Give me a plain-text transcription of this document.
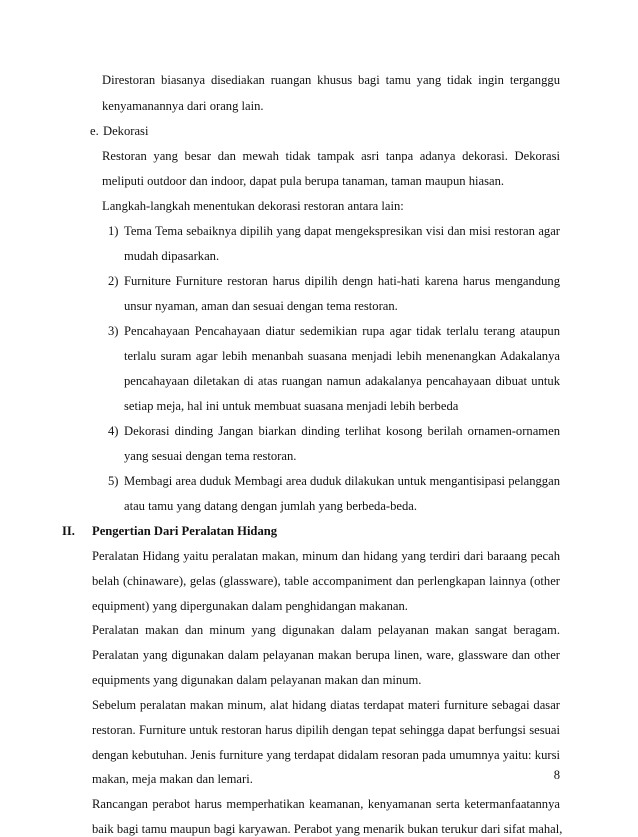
Direstoran biasanya disediakan ruangan khusus bagi tamu yang tidak ingin terganggu
kenyamanannya dari orang lain.
e. Dekorasi
Restoran yang besar dan mewah tidak tampak asri tanpa adanya dekorasi. Dekorasi
meliputi outdoor dan indoor, dapat pula berupa tanaman, taman maupun hiasan.
Langkah-langkah menentukan dekorasi restoran antara lain:
1) Tema Tema sebaiknya dipilih yang dapat mengekspresikan visi dan misi restoran agar
mudah dipasarkan.
2) Furniture Furniture restoran harus dipilih dengn hati-hati karena harus mengandung
unsur nyaman, aman dan sesuai dengan tema restoran.
3) Pencahayaan Pencahayaan diatur sedemikian rupa agar tidak terlalu terang ataupun
terlalu suram agar lebih menanbah suasana menjadi lebih menenangkan Adakalanya
pencahayaan diletakan di atas ruangan namun adakalanya pencahayaan dibuat untuk
setiap meja, hal ini untuk membuat suasana menjadi lebih berbeda
4) Dekorasi dinding Jangan biarkan dinding terlihat kosong berilah ornamen-ornamen
yang sesuai dengan tema restoran.
5) Membagi area duduk Membagi area duduk dilakukan untuk mengantisipasi pelanggan
atau tamu yang datang dengan jumlah yang berbeda-beda.
II. Pengertian Dari Peralatan Hidang
8
Peralatan Hidang yaitu peralatan makan, minum dan hidang yang terdiri dari baraang pecah
belah (chinaware), gelas (glassware), table accompaniment dan perlengkapan lainnya (other
equipment) yang dipergunakan dalam penghidangan makanan.
Peralatan makan dan minum yang digunakan dalam pelayanan makan sangat beragam.
Peralatan yang digunakan dalam pelayanan makan berupa linen, ware, glassware dan other
equipments yang digunakan dalam pelayanan makan dan minum.
Sebelum peralatan makan minum, alat hidang diatas terdapat materi furniture sebagai dasar
restoran. Furniture untuk restoran harus dipilih dengan tepat sehingga dapat berfungsi sesuai
dengan kebutuhan. Jenis furniture yang terdapat didalam resoran pada umumnya yaitu: kursi
makan, meja makan dan lemari.
Rancangan perabot harus memperhatikan keamanan, kenyamanan serta ketermanfaatannya
baik bagi tamu maupun bagi karyawan. Perabot yang menarik bukan terukur dari sifat mahal,
